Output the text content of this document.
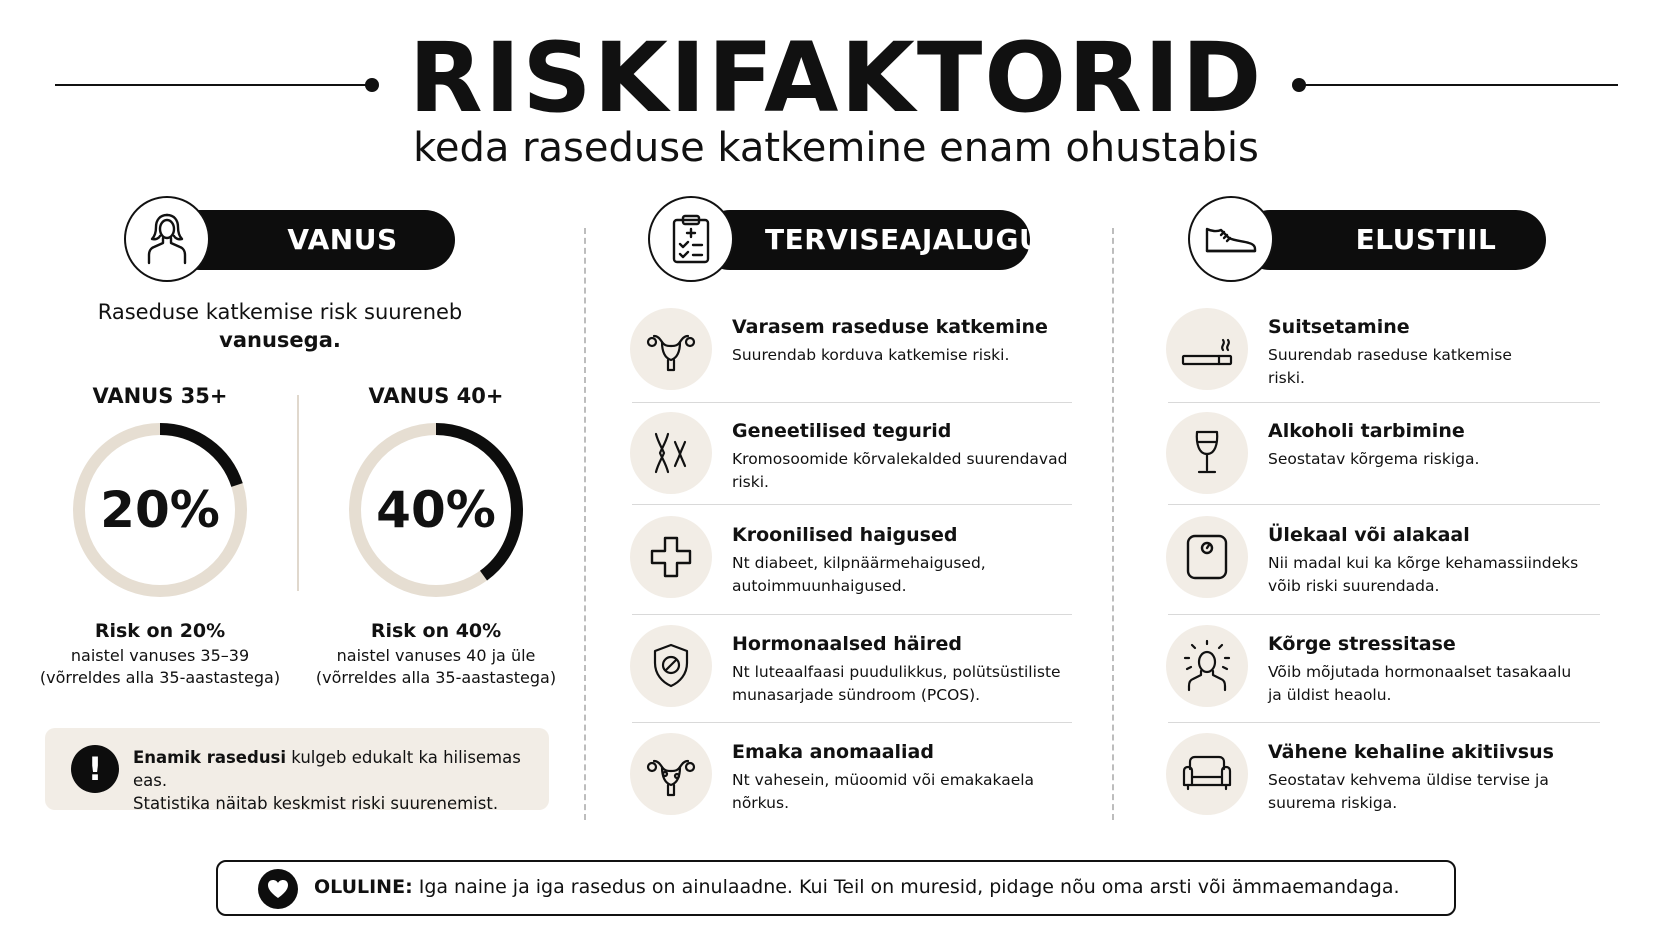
RISKIFAKTORID
keda raseduse katkemine enam ohustabis
VANUS
Raseduse katkemise risk suureneb
vanusega.
VANUS 35+	VANUS 40+
20%	40%
Risk on 20%
naistel vanuses 35–39
(võrreldes alla 35-aastastega)
Risk on 40%
naistel vanuses 40 ja üle
(võrreldes alla 35-aastastega)
!	Enamik rasedusi kulgeb edukalt ka hilisemas eas.
Statistika näitab keskmist riski suurenemist.
TERVISEAJALUGU
Varasem raseduse katkemine
Suurendab korduva katkemise riski.
Geneetilised tegurid
Kromosoomide kõrvalekalded suurendavad riski.
Kroonilised haigused
Nt diabeet, kilpnäärmehaigused, autoimmuunhaigused.
Hormonaalsed häired
Nt luteaalfaasi puudulikkus, polütsüstiliste munasarjade sündroom (PCOS).
Emaka anomaaliad
Nt vahesein, müoomid või emakakaela nõrkus.
ELUSTIIL
Suitsetamine
Suurendab raseduse katkemise riski.
Alkoholi tarbimine
Seostatav kõrgema riskiga.
Ülekaal või alakaal
Nii madal kui ka kõrge kehamassiindeks võib riski suurendada.
Kõrge stressitase
Võib mõjutada hormonaalset tasakaalu ja üldist heaolu.
Vähene kehaline akitiivsus
Seostatav kehvema üldise tervise ja suurema riskiga.
OLULINE: Iga naine ja iga rasedus on ainulaadne. Kui Teil on muresid, pidage nõu oma arsti või ämmaemandaga.
